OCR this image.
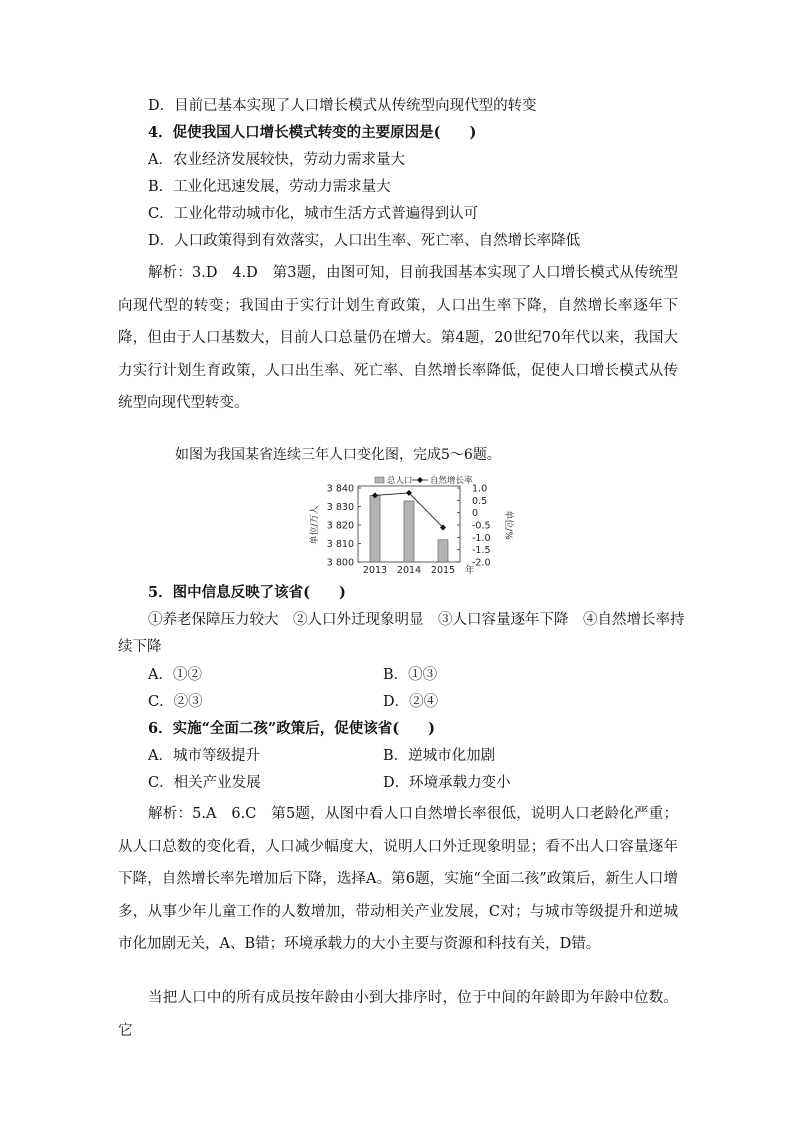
D．目前已基本实现了人口增长模式从传统型向现代型的转变
4．促使我国人口增长模式转变的主要原因是(　　)
A．农业经济发展较快，劳动力需求量大
B．工业化迅速发展，劳动力需求量大
C．工业化带动城市化，城市生活方式普遍得到认可
D．人口政策得到有效落实，人口出生率、死亡率、自然增长率降低
解析：3.D　4.D　第3题，由图可知，目前我国基本实现了人口增长模式从传统型向现代型的转变；我国由于实行计划生育政策，人口出生率下降，自然增长率逐年下降，但由于人口基数大，目前人口总量仍在增大。第4题，20世纪70年代以来，我国大力实行计划生育政策，人口出生率、死亡率、自然增长率降低，促使人口增长模式从传统型向现代型转变。
如图为我国某省连续三年人口变化图，完成5～6题。
3 800
3 810
3 820
3 830
3 840
单位/万人
-2.0
-1.5
-1.0
-0.5
0
0.5
1.0
单位/%
2013 2014 2015 年
总人口 自然增长率
5．图中信息反映了该省(　　)
①养老保障压力较大　②人口外迁现象明显　③人口容量逐年下降　④自然增长率持
续下降
A．①②	B．①③
C．②③	D．②④
6．实施“全面二孩”政策后，促使该省(　　)
A．城市等级提升	B．逆城市化加剧
C．相关产业发展	D．环境承载力变小
解析：5.A　6.C　第5题，从图中看人口自然增长率很低，说明人口老龄化严重；从人口总数的变化看，人口减少幅度大，说明人口外迁现象明显；看不出人口容量逐年下降，自然增长率先增加后下降，选择A。第6题，实施“全面二孩”政策后，新生人口增多，从事少年儿童工作的人数增加，带动相关产业发展，C对；与城市等级提升和逆城市化加剧无关，A、B错；环境承载力的大小主要与资源和科技有关，D错。
当把人口中的所有成员按年龄由小到大排序时，位于中间的年龄即为年龄中位数。它
